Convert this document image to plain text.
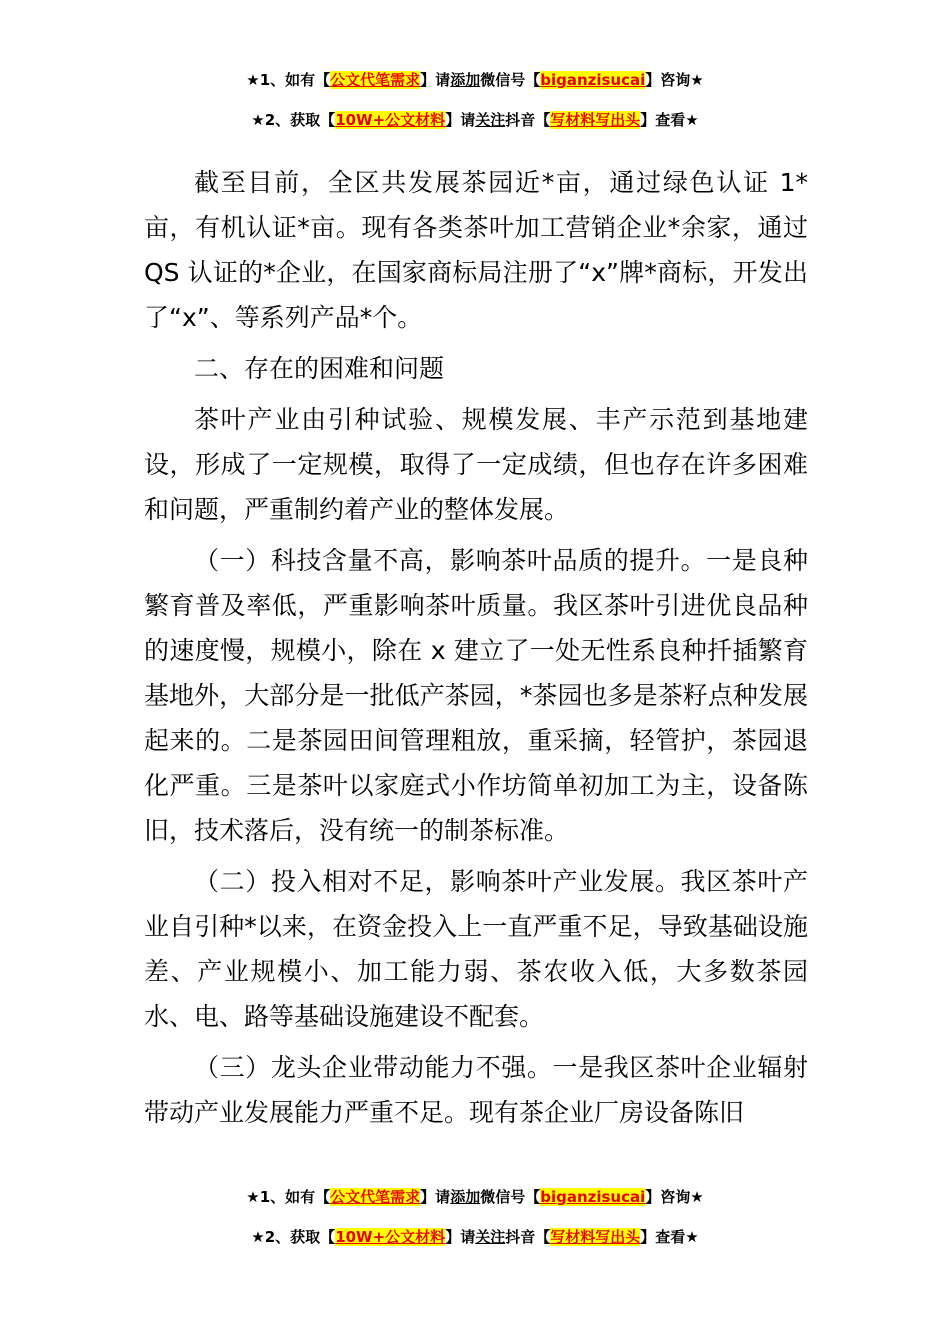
★1、如有【公文代笔需求】请添加微信号【biganzisucai】咨询★
★2、获取【10W+公文材料】请关注抖音【写材料写出头】查看★

截至目前，全区共发展茶园近*亩，通过绿色认证 1*亩，有机认证*亩。现有各类茶叶加工营销企业*余家，通过 QS 认证的*企业，在国家商标局注册了“x”牌*商标，开发出了“x”、等系列产品*个。

二、存在的困难和问题

茶叶产业由引种试验、规模发展、丰产示范到基地建设，形成了一定规模，取得了一定成绩，但也存在许多困难和问题，严重制约着产业的整体发展。

（一）科技含量不高，影响茶叶品质的提升。一是良种繁育普及率低，严重影响茶叶质量。我区茶叶引进优良品种的速度慢，规模小，除在 x 建立了一处无性系良种扦插繁育基地外，大部分是一批低产茶园，*茶园也多是茶籽点种发展起来的。二是茶园田间管理粗放，重采摘，轻管护，茶园退化严重。三是茶叶以家庭式小作坊简单初加工为主，设备陈旧，技术落后，没有统一的制茶标准。

（二）投入相对不足，影响茶叶产业发展。我区茶叶产业自引种*以来，在资金投入上一直严重不足，导致基础设施差、产业规模小、加工能力弱、茶农收入低，大多数茶园水、电、路等基础设施建设不配套。

（三）龙头企业带动能力不强。一是我区茶叶企业辐射带动产业发展能力严重不足。现有茶企业厂房设备陈旧

★1、如有【公文代笔需求】请添加微信号【biganzisucai】咨询★
★2、获取【10W+公文材料】请关注抖音【写材料写出头】查看★
